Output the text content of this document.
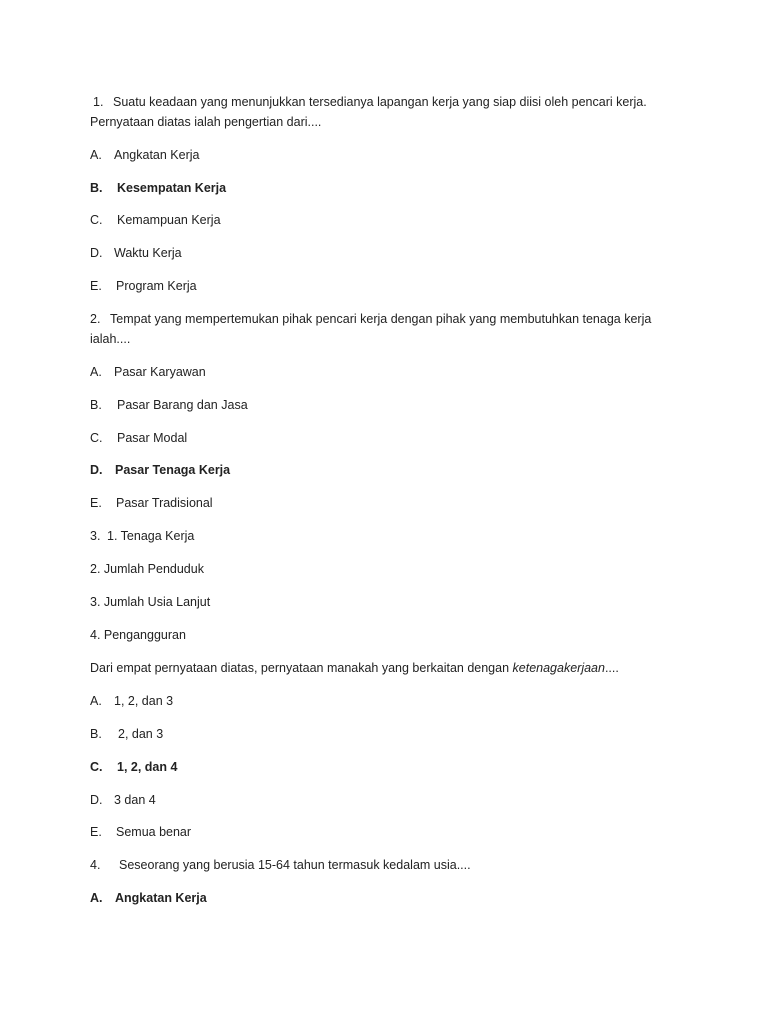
1. Suatu keadaan yang menunjukkan tersedianya lapangan kerja yang siap diisi oleh pencari kerja.
Pernyataan diatas ialah pengertian dari....
A. Angkatan Kerja
B. Kesempatan Kerja
C. Kemampuan Kerja
D. Waktu Kerja
E. Program Kerja
2. Tempat yang mempertemukan pihak pencari kerja dengan pihak yang membutuhkan tenaga kerja
ialah....
A. Pasar Karyawan
B. Pasar Barang dan Jasa
C. Pasar Modal
D. Pasar Tenaga Kerja
E. Pasar Tradisional
3. 1. Tenaga Kerja
2. Jumlah Penduduk
3. Jumlah Usia Lanjut
4. Pengangguran
Dari empat pernyataan diatas, pernyataan manakah yang berkaitan dengan ketenagakerjaan....
A. 1, 2, dan 3
B. 2, dan 3
C. 1, 2, dan 4
D. 3 dan 4
E. Semua benar
4. Seseorang yang berusia 15-64 tahun termasuk kedalam usia....
A. Angkatan Kerja
